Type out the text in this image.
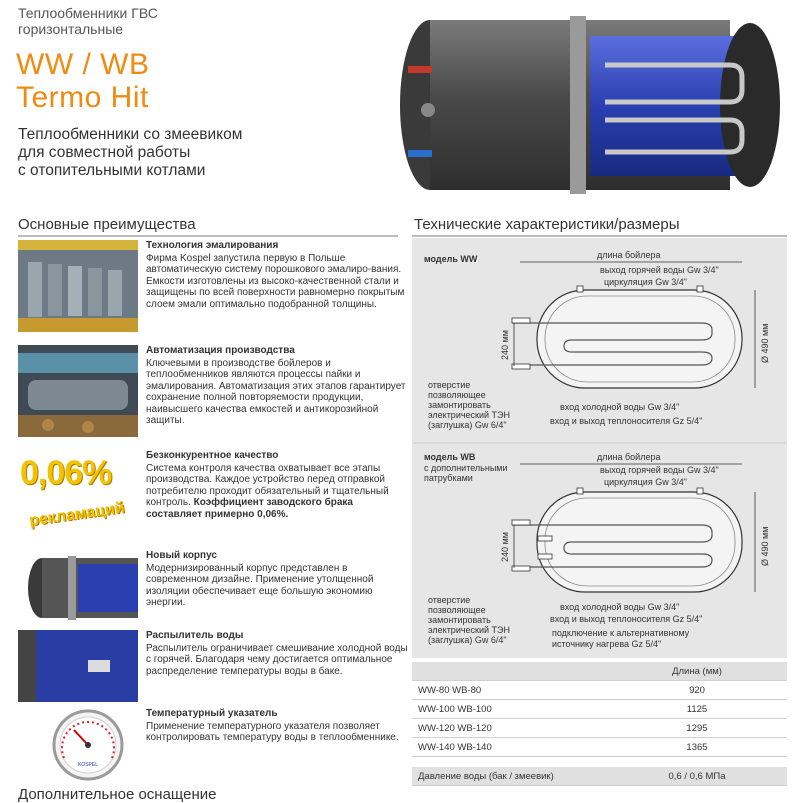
Теплообменники ГВС
горизонтальные
WW / WB
Termo Hit
Теплообменники со змеевиком
для совместной работы
с отопительными котлами
Основные преимущества	Технические характеристики/размеры
Технология эмалирования
Фирма Kospel запустила первую в Польше автоматическую систему порошкового эмалиро-вания. Емкости изготовлены из высоко-качественной стали и защищены по всей поверхности равномерно покрытым слоем эмали оптимально подобранной толщины.
Автоматизация производства
Ключевыми в производстве бойлеров и теплообменников являются процессы пайки и эмалирования. Автоматизация этих этапов гарантирует сохранение полной повторяемости продукции, наивысшего качества емкостей и антикорозийной защиты.
0,06%
рекламаций
Безконкурентное качество
Система контроля качества охватывает все этапы производства. Каждое устройство перед отправкой потребителю проходит обязательный и тщательный контроль. Коэффициент заводского брака составляет примерно 0,06%.
Новый корпус
Модернизированный корпус представлен в современном дизайне. Применение утолщенной изоляции обеспечивает еще большую экономию энергии.
Распылитель воды
Распылитель ограничивает смешивание холодной воды с горячей. Благодаря чему достигается оптимальное распределение температуры воды в баке.
KOSPEL
Температурный указатель
Применение температурного указателя позволяет контролировать температуру воды в теплообменнике.
Дополнительное оснащение
модель WW	длина бойлера
выход горячей воды Gw 3/4"
циркуляция Gw 3/4"
240 мм	Ø 490 мм
отверстие
позволяющее
замонтировать
электрический ТЭН
(заглушка) Gw 6/4"
вход холодной воды Gw 3/4"
вход и выход теплоносителя Gz 5/4"
модель WB
с дополнительными
патрубками
длина бойлера
выход горячей воды Gw 3/4"
циркуляция Gw 3/4"
240 мм	Ø 490 мм
отверстие
позволяющее
замонтировать
электрический ТЭН
(заглушка) Gw 6/4"
вход холодной воды Gw 3/4"
вход и выход теплоносителя Gz 5/4"
подключение к альтернативному
источнику нагрева Gz 5/4"
Длина (мм)
WW-80 WB-80	920
WW-100 WB-100	1125
WW-120 WB-120	1295
WW-140 WB-140	1365
Давление воды (бак / змеевик)	0,6 / 0,6 МПа
